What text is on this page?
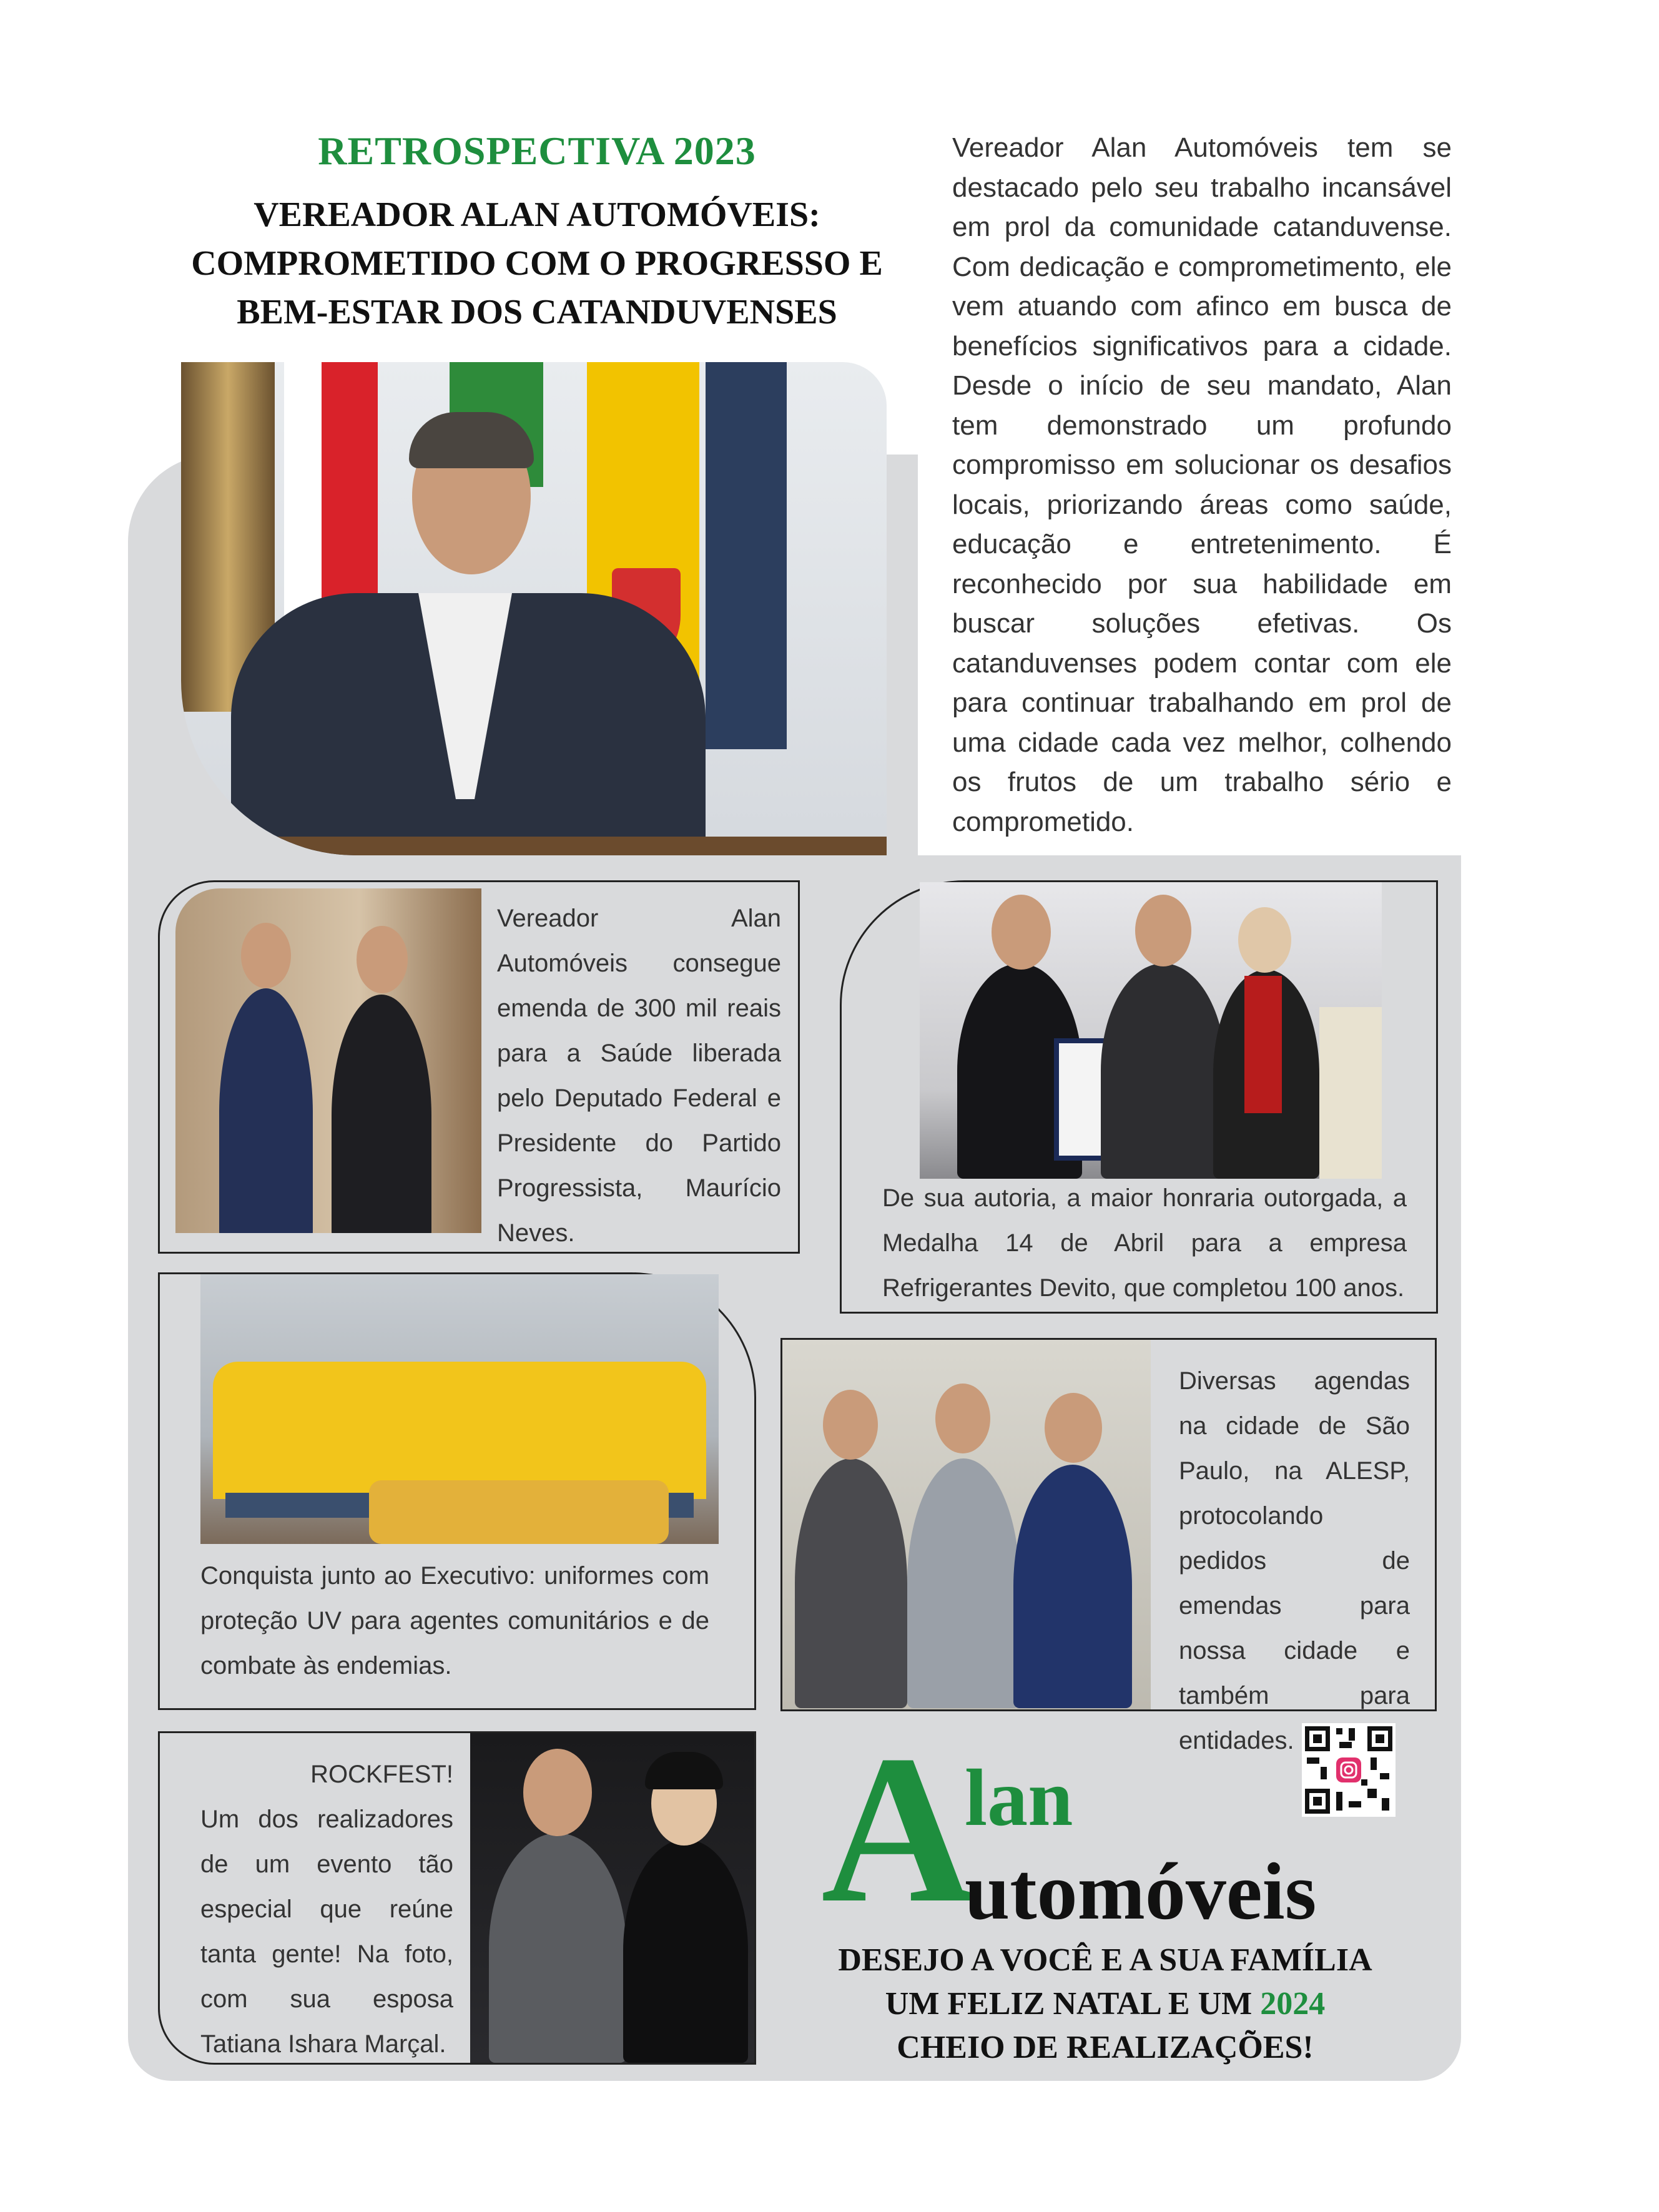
RETROSPECTIVA 2023
VEREADOR ALAN AUTOMÓVEIS:
COMPROMETIDO COM O PROGRESSO E
BEM-ESTAR DOS CATANDUVENSES
Vereador Alan Automóveis tem se destacado pelo seu trabalho incansável em prol da comunidade catanduvense. Com dedicação e comprometimento, ele vem atuando com afinco em busca de benefícios significativos para a cidade. Desde o início de seu mandato, Alan tem demonstrado um profundo compromisso em solucionar os desafios locais, priorizando áreas como saúde, educação e entretenimento. É reconhecido por sua habilidade em buscar soluções efetivas. Os catanduvenses podem contar com ele para continuar trabalhando em prol de uma cidade cada vez melhor, colhendo os frutos de um trabalho sério e comprometido.
Vereador Alan Automóveis consegue emenda de 300 mil reais para a Saúde liberada pelo Deputado Federal e Presidente do Partido Progressista, Maurício Neves.
De sua autoria, a maior honraria outorgada, a Medalha 14 de Abril para a empresa Refrigerantes Devito, que completou 100 anos.
Conquista junto ao Executivo: uniformes com proteção UV para agentes comunitários e de combate às endemias.
Diversas agendas na cidade de São Paulo, na ALESP, protocolando pedidos de emendas para nossa cidade e também para entidades.
ROCKFEST!
Um dos realizadores de um evento tão especial que reúne tanta gente! Na foto, com sua esposa Tatiana Ishara Marçal.
A
lan
utomóveis
DESEJO A VOCÊ E A SUA FAMÍLIA
UM FELIZ NATAL E UM 2024
CHEIO DE REALIZAÇÕES!
